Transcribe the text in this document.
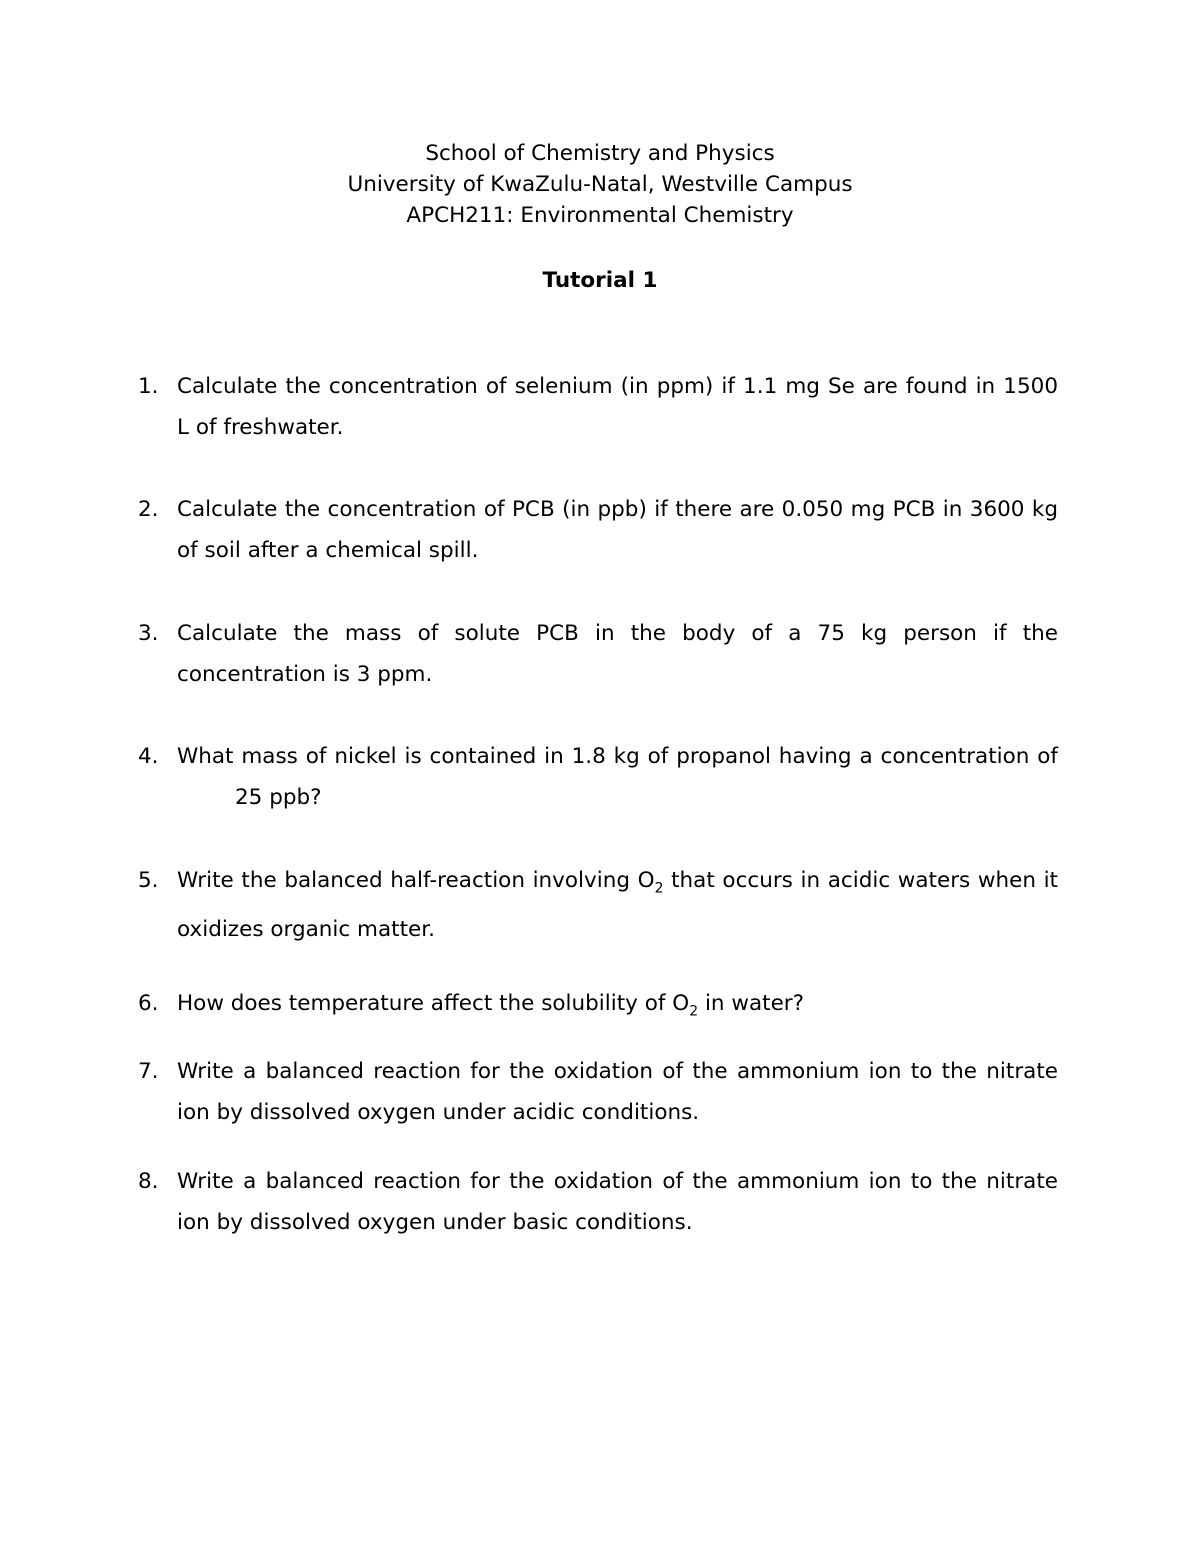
School of Chemistry and Physics
University of KwaZulu-Natal, Westville Campus
APCH211: Environmental Chemistry
Tutorial 1
1. Calculate the concentration of selenium (in ppm) if 1.1 mg Se are found in 1500 L of freshwater.
2. Calculate the concentration of PCB (in ppb) if there are 0.050 mg PCB in 3600 kg of soil after a chemical spill.
3. Calculate the mass of solute PCB in the body of a 75 kg person if the concentration is 3 ppm.
4. What mass of nickel is contained in 1.8 kg of propanol having a concentration of25 ppb?
5. Write the balanced half-reaction involving $O_2$ that occurs in acidic waters when it oxidizes organic matter.
6. How does temperature affect the solubility of $O_2$ in water?
7. Write a balanced reaction for the oxidation of the ammonium ion to the nitrate ion by dissolved oxygen under acidic conditions.
8. Write a balanced reaction for the oxidation of the ammonium ion to the nitrate ion by dissolved oxygen under basic conditions.
